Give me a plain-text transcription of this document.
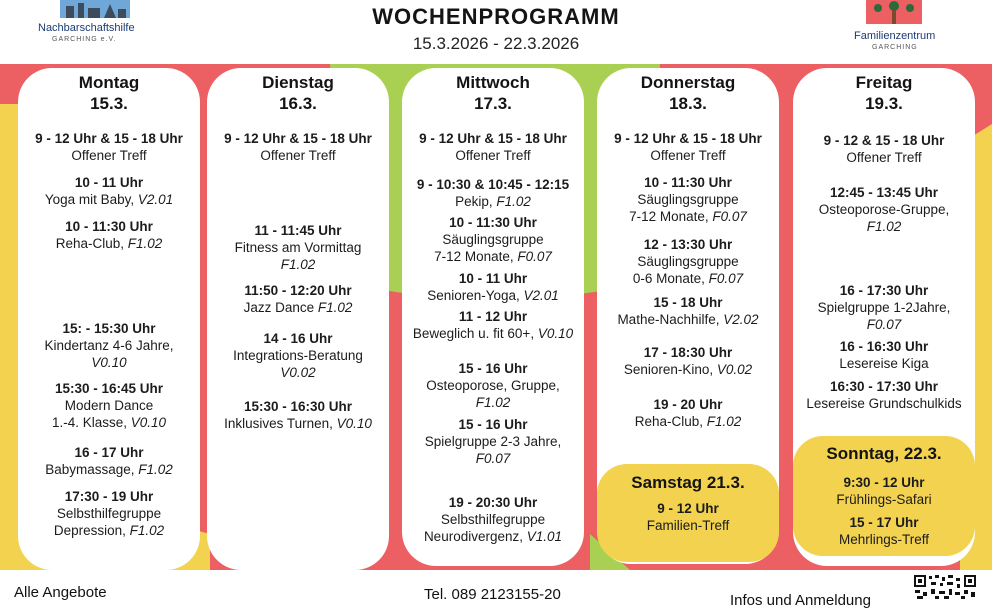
Nachbarschaftshilfe
GARCHING e.V.
WOCHENPROGRAMM
15.3.2026 - 22.3.2026	Familienzentrum
GARCHING
Montag
15.3.
9 - 12 Uhr & 15 - 18 Uhr
Offener Treff
10 - 11 Uhr
Yoga mit Baby, V2.01
10 - 11:30 Uhr
Reha-Club, F1.02
15: - 15:30 Uhr
Kindertanz 4-6 Jahre,
V0.10
15:30 - 16:45 Uhr
Modern Dance
1.-4. Klasse, V0.10
16 - 17 Uhr
Babymassage, F1.02
17:30 - 19 Uhr
Selbsthilfegruppe
Depression, F1.02
Dienstag
16.3.
9 - 12 Uhr & 15 - 18 Uhr
Offener Treff
11 - 11:45 Uhr
Fitness am Vormittag
F1.02
11:50 - 12:20 Uhr
Jazz Dance F1.02
14 - 16 Uhr
Integrations-Beratung
V0.02
15:30 - 16:30 Uhr
Inklusives Turnen, V0.10
Mittwoch
17.3.
9 - 12 Uhr & 15 - 18 Uhr
Offener Treff
9 - 10:30 & 10:45 - 12:15
Pekip, F1.02
10 - 11:30 Uhr
Säuglingsgruppe
7-12 Monate, F0.07
10 - 11 Uhr
Senioren-Yoga, V2.01
11 - 12 Uhr
Beweglich u. fit 60+, V0.10
15 - 16 Uhr
Osteoporose, Gruppe,
F1.02
15 - 16 Uhr
Spielgruppe 2-3 Jahre,
F0.07
19 - 20:30 Uhr
Selbsthilfegruppe
Neurodivergenz, V1.01
Donnerstag
18.3.
9 - 12 Uhr & 15 - 18 Uhr
Offener Treff
10 - 11:30 Uhr
Säuglingsgruppe
7-12 Monate, F0.07
12 - 13:30 Uhr
Säuglingsgruppe
0-6 Monate, F0.07
15 - 18 Uhr
Mathe-Nachhilfe, V2.02
17 - 18:30 Uhr
Senioren-Kino, V0.02
19 - 20 Uhr
Reha-Club, F1.02
Samstag 21.3.
9 - 12 Uhr
Familien-Treff
Freitag
19.3.
9 - 12 & 15 - 18 Uhr
Offener Treff
12:45 - 13:45 Uhr
Osteoporose-Gruppe,
F1.02
16 - 17:30 Uhr
Spielgruppe 1-2Jahre,
F0.07
16 - 16:30 Uhr
Lesereise Kiga
16:30 - 17:30 Uhr
Lesereise Grundschulkids
Sonntag, 22.3.
9:30 - 12 Uhr
Frühlings-Safari
15 - 17 Uhr
Mehrlings-Treff
Alle Angebote	Tel. 089 2123155-20	Infos und Anmeldung
